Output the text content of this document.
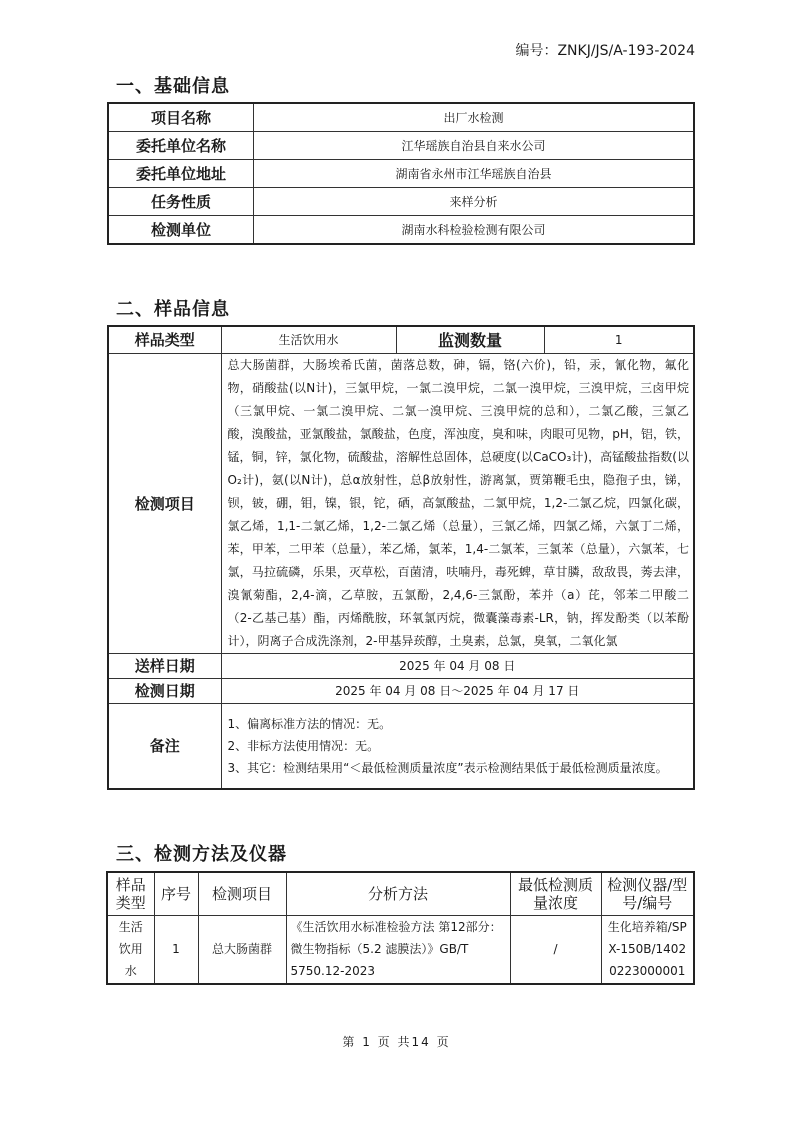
编号：ZNKJ/JS/A-193-2024
一、基础信息
项目名称	出厂水检测
委托单位名称	江华瑶族自治县自来水公司
委托单位地址	湖南省永州市江华瑶族自治县
任务性质	来样分析
检测单位	湖南水科检验检测有限公司
二、样品信息
样品类型	生活饮用水	监测数量	1
检测项目	总大肠菌群，大肠埃希氏菌，菌落总数，砷，镉，铬(六价)，铅，汞，氰化物，氟化物，硝酸盐(以N计)，三氯甲烷，一氯二溴甲烷，二氯一溴甲烷，三溴甲烷，三卤甲烷（三氯甲烷、一氯二溴甲烷、二氯一溴甲烷、三溴甲烷的总和），二氯乙酸，三氯乙酸，溴酸盐，亚氯酸盐，氯酸盐，色度，浑浊度，臭和味，肉眼可见物，pH，铝，铁，锰，铜，锌，氯化物，硫酸盐，溶解性总固体，总硬度(以CaCO₃计)，高锰酸盐指数(以O₂计)，氨(以N计)，总α放射性，总β放射性，游离氯，贾第鞭毛虫，隐孢子虫，锑，钡，铍，硼，钼，镍，银，铊，硒，高氯酸盐，二氯甲烷，1,2-二氯乙烷，四氯化碳，氯乙烯，1,1-二氯乙烯，1,2-二氯乙烯（总量），三氯乙烯，四氯乙烯，六氯丁二烯，苯，甲苯，二甲苯（总量），苯乙烯，氯苯，1,4-二氯苯，三氯苯（总量），六氯苯，七氯，马拉硫磷，乐果，灭草松，百菌清，呋喃丹，毒死蜱，草甘膦，敌敌畏，莠去津，溴氰菊酯，2,4-滴，乙草胺，五氯酚，2,4,6-三氯酚，苯并（a）芘，邻苯二甲酸二（2-乙基己基）酯，丙烯酰胺，环氧氯丙烷，微囊藻毒素-LR，钠，挥发酚类（以苯酚计），阴离子合成洗涤剂，2-甲基异莰醇，土臭素，总氯，臭氧，二氧化氯		
送样日期	2025 年 04 月 08 日		
检测日期	2025 年 04 月 08 日～2025 年 04 月 17 日		
备注	1、偏离标准方法的情况：无。
2、非标方法使用情况：无。
3、其它：检测结果用“＜最低检测质量浓度”表示检测结果低于最低检测质量浓度。		
三、检测方法及仪器
样品类型	序号	检测项目	分析方法	最低检测质量浓度	检测仪器/型号/编号
生活饮用水	1	总大肠菌群	《生活饮用水标准检验方法 第12部分：微生物指标（5.2 滤膜法）》GB/T 5750.12-2023	/	生化培养箱/SPX-150B/14020223000001
第 1 页 共14 页
